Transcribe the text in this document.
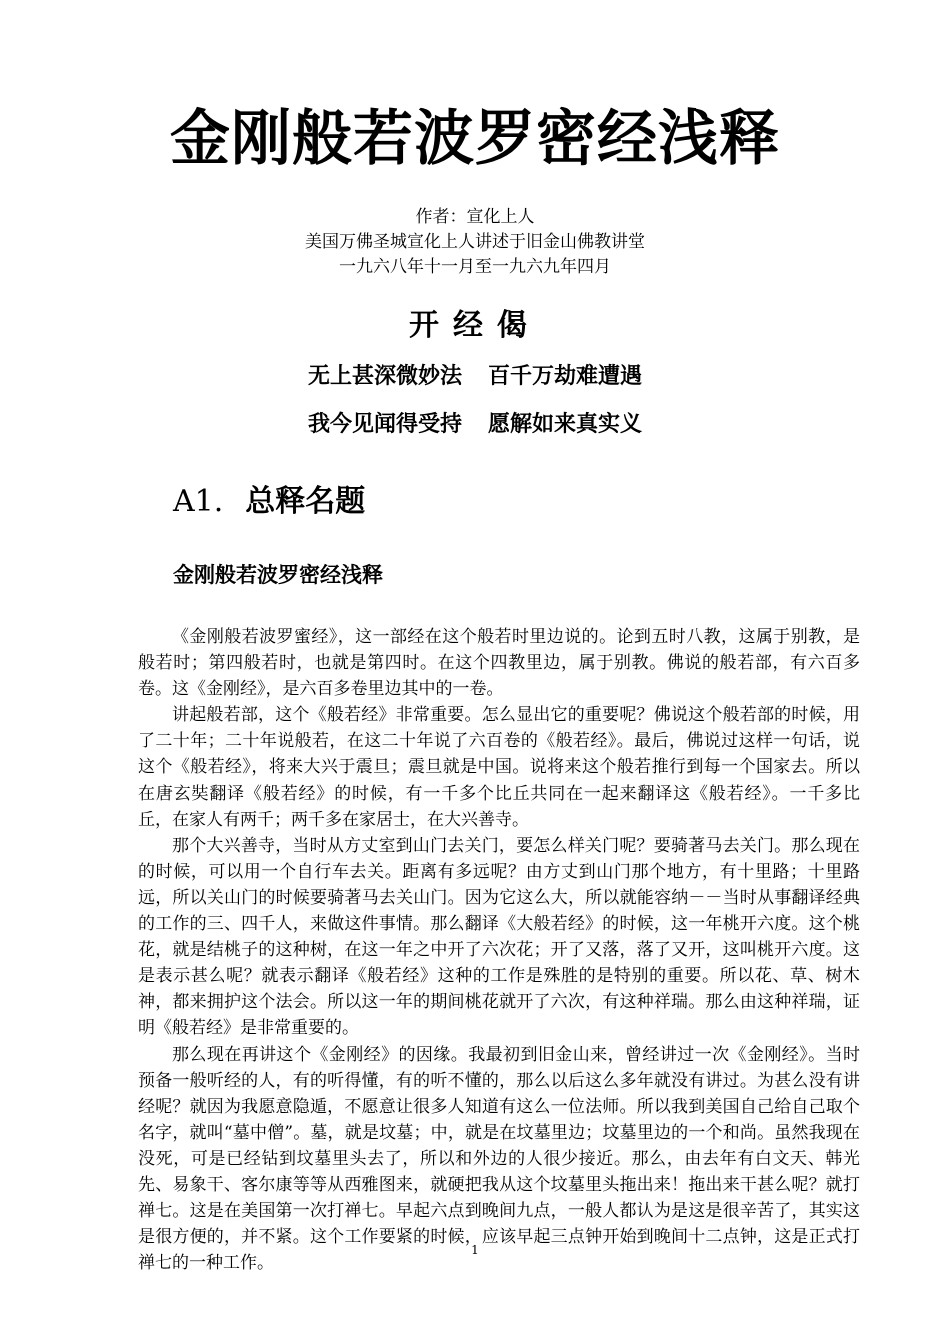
金刚般若波罗密经浅释
作者：宣化上人
美国万佛圣城宣化上人讲述于旧金山佛教讲堂
一九六八年十一月至一九六九年四月
开经偈
无上甚深微妙法 百千万劫难遭遇
我今见闻得受持 愿解如来真实义
A1. 总释名题
金刚般若波罗密经浅释

《金刚般若波罗蜜经》，这一部经在这个般若时里边说的。论到五时八教，这属于别教，是般若时；第四般若时，也就是第四时。在这个四教里边，属于别教。佛说的般若部，有六百多卷。这《金刚经》，是六百多卷里边其中的一卷。

讲起般若部，这个《般若经》非常重要。怎么显出它的重要呢？佛说这个般若部的时候，用了二十年；二十年说般若，在这二十年说了六百卷的《般若经》。最后，佛说过这样一句话，说这个《般若经》，将来大兴于震旦；震旦就是中国。说将来这个般若推行到每一个国家去。所以在唐玄奘翻译《般若经》的时候，有一千多个比丘共同在一起来翻译这《般若经》。一千多比丘，在家人有两千；两千多在家居士，在大兴善寺。

那个大兴善寺，当时从方丈室到山门去关门，要怎么样关门呢？要骑著马去关门。那么现在的时候，可以用一个自行车去关。距离有多远呢？由方丈到山门那个地方，有十里路；十里路远，所以关山门的时候要骑著马去关山门。因为它这么大，所以就能容纳－－当时从事翻译经典的工作的三、四千人，来做这件事情。那么翻译《大般若经》的时候，这一年桃开六度。这个桃花，就是结桃子的这种树，在这一年之中开了六次花；开了又落，落了又开，这叫桃开六度。这是表示甚么呢？就表示翻译《般若经》这种的工作是殊胜的是特别的重要。所以花、草、树木神，都来拥护这个法会。所以这一年的期间桃花就开了六次，有这种祥瑞。那么由这种祥瑞，证明《般若经》是非常重要的。

那么现在再讲这个《金刚经》的因缘。我最初到旧金山来，曾经讲过一次《金刚经》。当时预备一般听经的人，有的听得懂，有的听不懂的，那么以后这么多年就没有讲过。为甚么没有讲经呢？就因为我愿意隐遁，不愿意让很多人知道有这么一位法师。所以我到美国自己给自己取个名字，就叫“墓中僧”。墓，就是坟墓；中，就是在坟墓里边；坟墓里边的一个和尚。虽然我现在没死，可是已经钻到坟墓里头去了，所以和外边的人很少接近。那么，由去年有白文天、韩光先、易象干、客尔康等等从西雅图来，就硬把我从这个坟墓里头拖出来！拖出来干甚么呢？就打禅七。这是在美国第一次打禅七。早起六点到晚间九点，一般人都认为是这是很辛苦了，其实这是很方便的，并不紧。这个工作要紧的时候，应该早起三点钟开始到晚间十二点钟，这是正式打禅七的一种工作。

1
